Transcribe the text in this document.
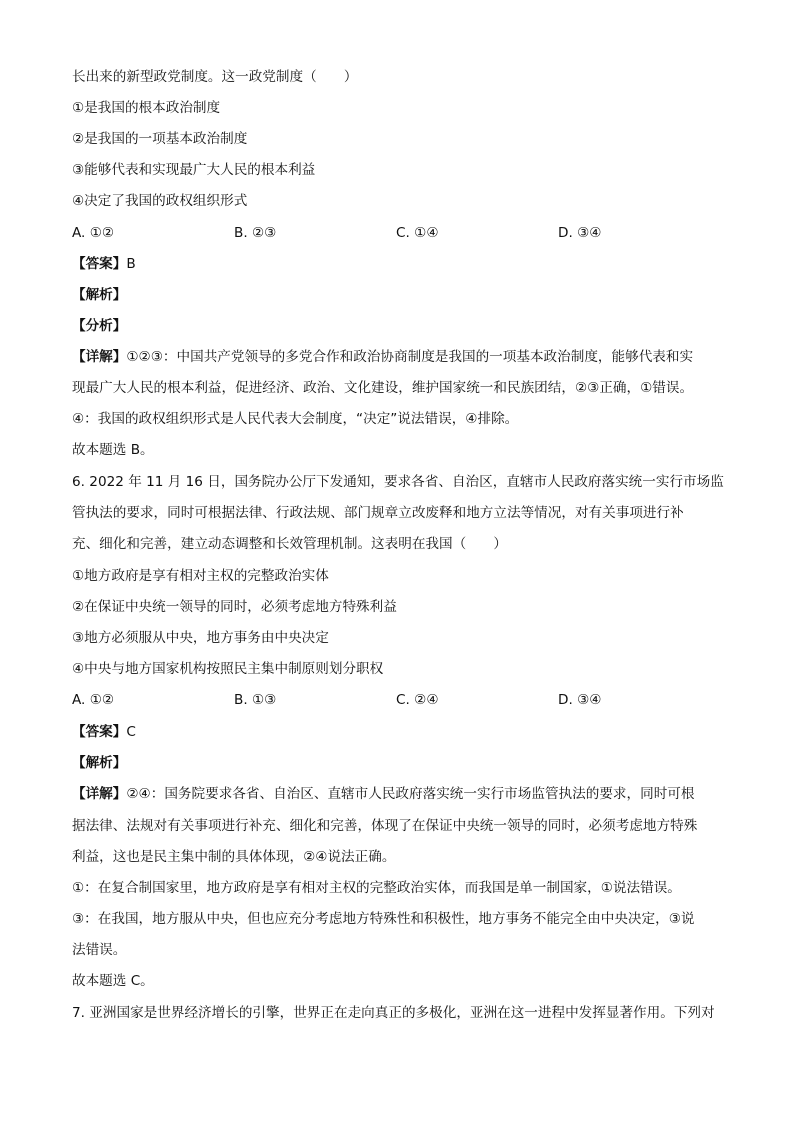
长出来的新型政党制度。这一政党制度（　　）
①是我国的根本政治制度
②是我国的一项基本政治制度
③能够代表和实现最广大人民的根本利益
④决定了我国的政权组织形式
A. ①②	B. ②③	C. ①④	D. ③④
【答案】B
【解析】
【分析】
【详解】①②③：中国共产党领导的多党合作和政治协商制度是我国的一项基本政治制度，能够代表和实
现最广大人民的根本利益，促进经济、政治、文化建设，维护国家统一和民族团结，②③正确，①错误。
④：我国的政权组织形式是人民代表大会制度，“决定”说法错误，④排除。
故本题选 B。
6. 2022 年 11 月 16 日，国务院办公厅下发通知，要求各省、自治区，直辖市人民政府落实统一实行市场监
管执法的要求，同时可根据法律、行政法规、部门规章立改废释和地方立法等情况，对有关事项进行补
充、细化和完善，建立动态调整和长效管理机制。这表明在我国（　　）
①地方政府是享有相对主权的完整政治实体
②在保证中央统一领导的同时，必须考虑地方特殊利益
③地方必须服从中央，地方事务由中央决定
④中央与地方国家机构按照民主集中制原则划分职权
A. ①②	B. ①③	C. ②④	D. ③④
【答案】C
【解析】
【详解】②④：国务院要求各省、自治区、直辖市人民政府落实统一实行市场监管执法的要求，同时可根
据法律、法规对有关事项进行补充、细化和完善，体现了在保证中央统一领导的同时，必须考虑地方特殊
利益，这也是民主集中制的具体体现，②④说法正确。
①：在复合制国家里，地方政府是享有相对主权的完整政治实体，而我国是单一制国家，①说法错误。
③：在我国，地方服从中央，但也应充分考虑地方特殊性和积极性，地方事务不能完全由中央决定，③说
法错误。
故本题选 C。
7. 亚洲国家是世界经济增长的引擎，世界正在走向真正的多极化，亚洲在这一进程中发挥显著作用。下列对
